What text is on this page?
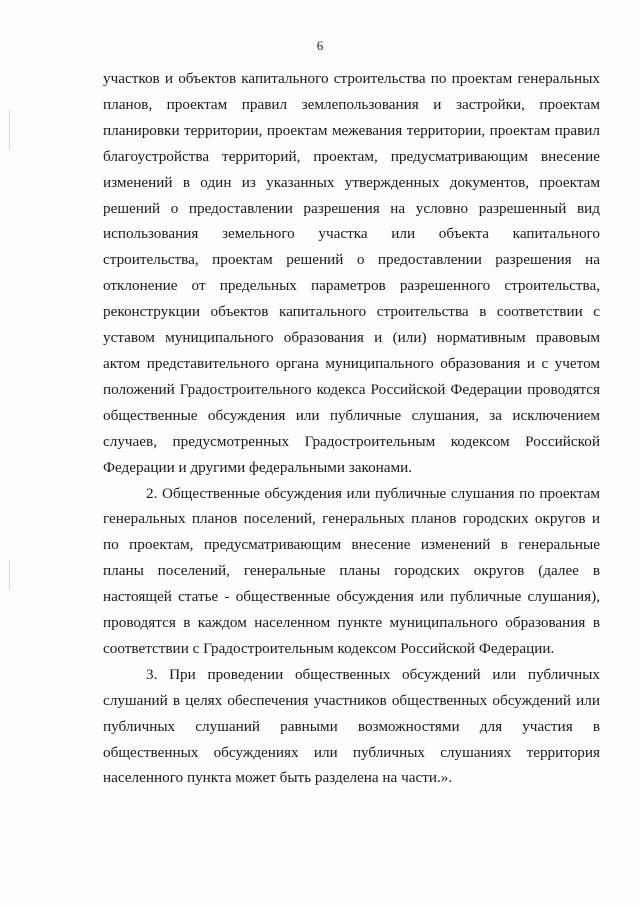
6

участков и объектов капитального строительства по проектам генеральных планов, проектам правил землепользования и застройки, проектам планировки территории, проектам межевания территории, проектам правил благоустройства территорий, проектам, предусматривающим внесение изменений в один из указанных утвержденных документов, проектам решений о предоставлении разрешения на условно разрешенный вид использования земельного участка или объекта капитального строительства, проектам решений о предоставлении разрешения на отклонение от предельных параметров разрешенного строительства, реконструкции объектов капитального строительства в соответствии с уставом муниципального образования и (или) нормативным правовым актом представительного органа муниципального образования и с учетом положений Градостроительного кодекса Российской Федерации проводятся общественные обсуждения или публичные слушания, за исключением случаев, предусмотренных Градостроительным кодексом Российской Федерации и другими федеральными законами.

2. Общественные обсуждения или публичные слушания по проектам генеральных планов поселений, генеральных планов городских округов и по проектам, предусматривающим внесение изменений в генеральные планы поселений, генеральные планы городских округов (далее в настоящей статье - общественные обсуждения или публичные слушания), проводятся в каждом населенном пункте муниципального образования в соответствии с Градостроительным кодексом Российской Федерации.

3. При проведении общественных обсуждений или публичных слушаний в целях обеспечения участников общественных обсуждений или публичных слушаний равными возможностями для участия в общественных обсуждениях или публичных слушаниях территория населенного пункта может быть разделена на части.».
